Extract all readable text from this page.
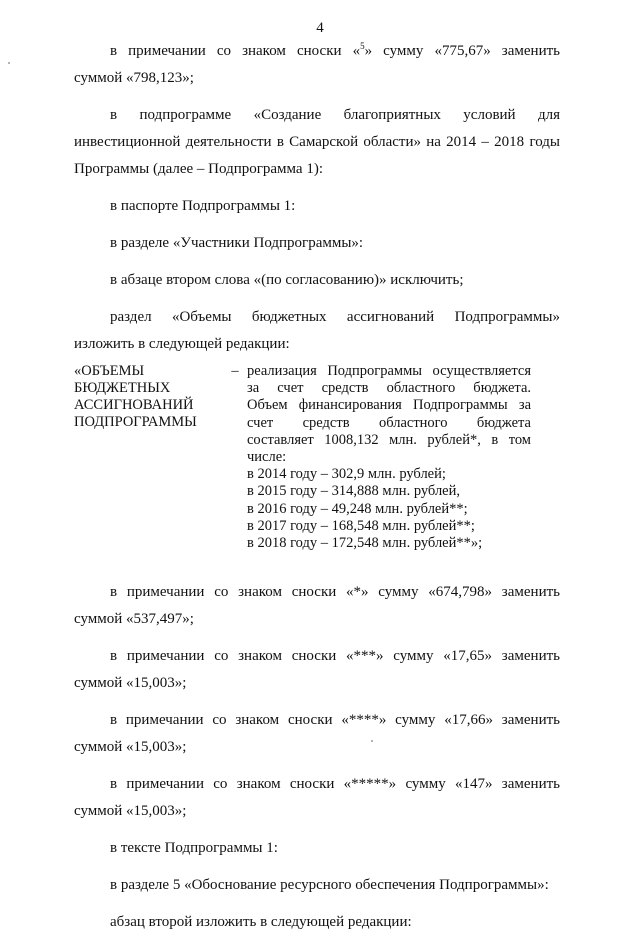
4
в примечании со знаком сноски «$^5$» сумму «775,67» заменить
суммой «798,123»;
в подпрограмме «Создание благоприятных условий для
инвестиционной деятельности в Самарской области» на 2014 – 2018 годы
Программы (далее – Подпрограмма 1):
в паспорте Подпрограммы 1:
в разделе «Участники Подпрограммы»:
в абзаце втором слова «(по согласованию)» исключить;
раздел «Объемы бюджетных ассигнований Подпрограммы»
изложить в следующей редакции:
«ОБЪЕМЫ
БЮДЖЕТНЫХ
АССИГНОВАНИЙ
ПОДПРОГРАММЫ
– реализация Подпрограммы осуществляется
за счет средств областного бюджета.
Объем финансирования Подпрограммы за
счет средств областного бюджета
составляет 1008,132 млн. рублей*, в том
числе:
в 2014 году – 302,9 млн. рублей;
в 2015 году – 314,888 млн. рублей,
в 2016 году – 49,248 млн. рублей**;
в 2017 году – 168,548 млн. рублей**;
в 2018 году – 172,548 млн. рублей**»;
в примечании со знаком сноски «*» сумму «674,798» заменить
суммой «537,497»;
в примечании со знаком сноски «***» сумму «17,65» заменить
суммой «15,003»;
в примечании со знаком сноски «****» сумму «17,66» заменить
суммой «15,003»;
в примечании со знаком сноски «*****» сумму «147» заменить
суммой «15,003»;
в тексте Подпрограммы 1:
в разделе 5 «Обоснование ресурсного обеспечения Подпрограммы»:
абзац второй изложить в следующей редакции:
